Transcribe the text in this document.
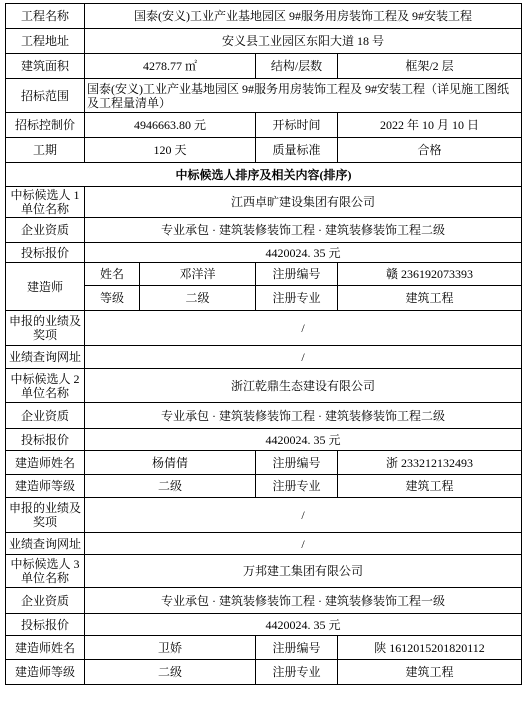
工程名称	国泰(安义)工业产业基地园区 9#服务用房装饰工程及 9#安装工程			
工程地址	安义县工业园区东阳大道 18 号			
建筑面积	4278.77 ㎡		结构/层数	框架/2 层
招标范围	国泰(安义)工业产业基地园区 9#服务用房装饰工程及 9#安装工程（详见施工图纸及工程量清单）			
招标控制价	4946663.80 元		开标时间	2022 年 10 月 10 日
工期	120 天		质量标准	合格
中标候选人排序及相关内容(排序)				
中标候选人 1 单位名称	江西卓旷建设集团有限公司			
企业资质	专业承包 · 建筑装修装饰工程 · 建筑装修装饰工程二级			
投标报价	4420024. 35 元			
建造师	姓名	邓洋洋	注册编号	赣 236192073393
	等级	二级	注册专业	建筑工程
申报的业绩及奖项	/			
业绩查询网址	/			
中标候选人 2 单位名称	浙江乾鼎生态建设有限公司			
企业资质	专业承包 · 建筑装修装饰工程 · 建筑装修装饰工程二级			
投标报价	4420024. 35 元			
建造师姓名	杨倩倩		注册编号	浙 233212132493
建造师等级	二级		注册专业	建筑工程
申报的业绩及奖项	/			
业绩查询网址	/			
中标候选人 3 单位名称	万邦建工集团有限公司			
企业资质	专业承包 · 建筑装修装饰工程 · 建筑装修装饰工程一级			
投标报价	4420024. 35 元			
建造师姓名	卫娇		注册编号	陕 1612015201820112
建造师等级	二级		注册专业	建筑工程
